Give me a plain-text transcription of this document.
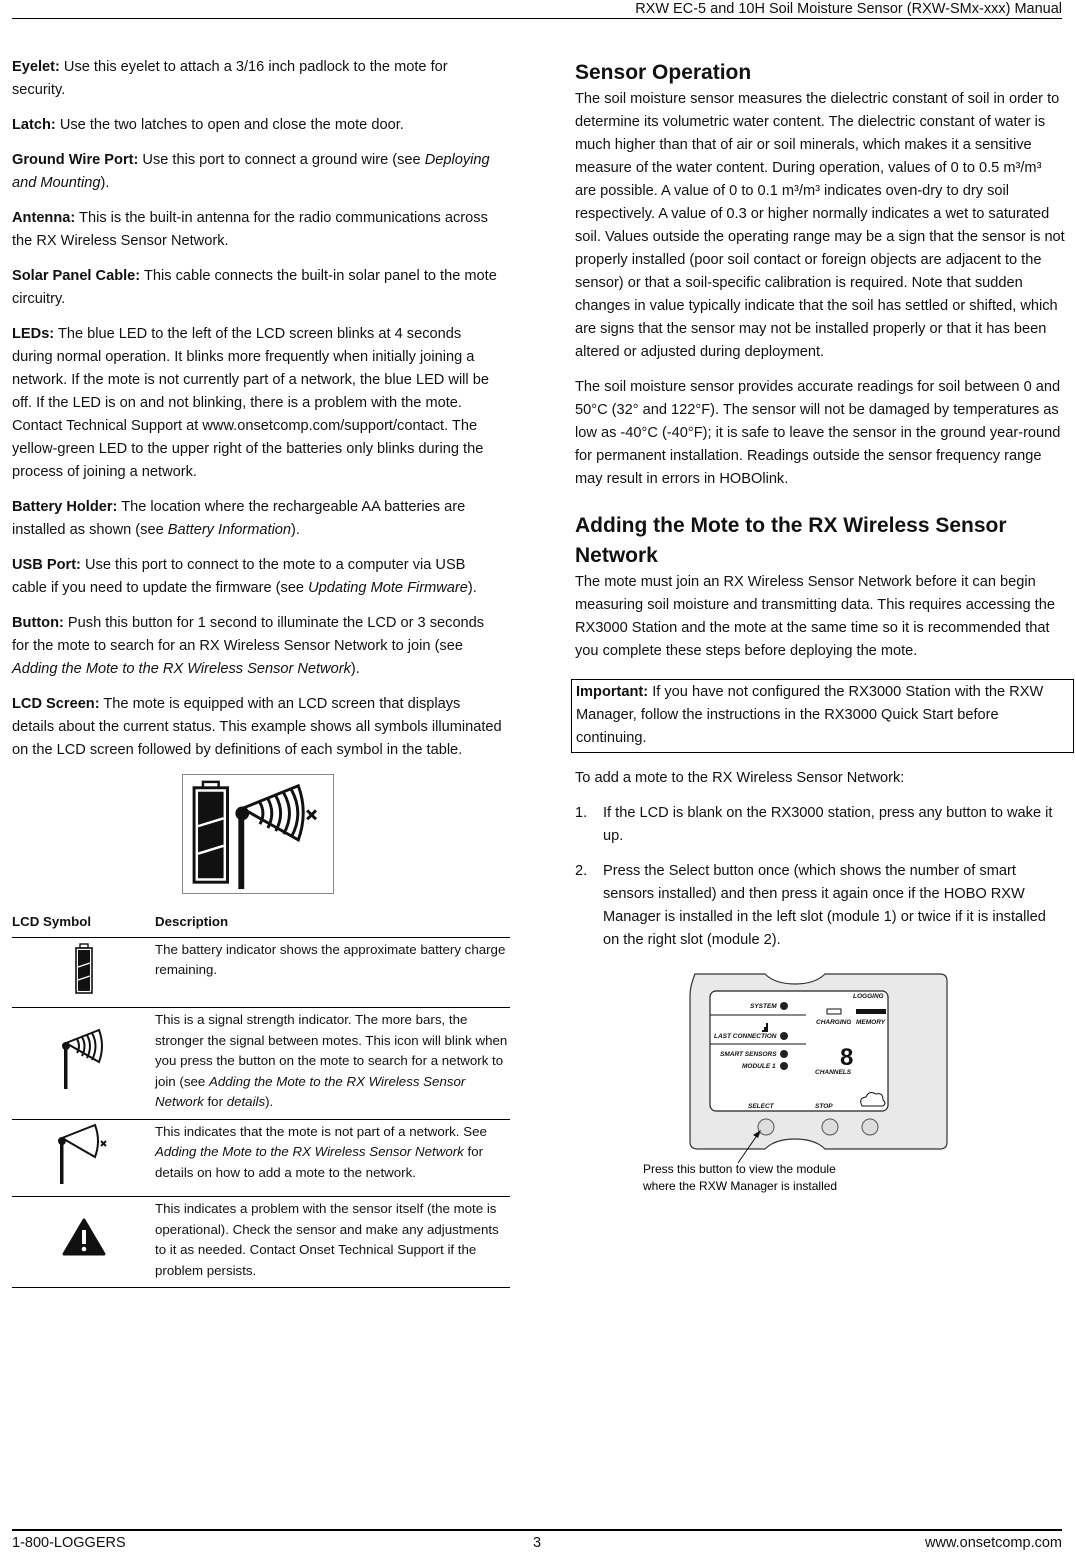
RXW EC-5 and 10H Soil Moisture Sensor (RXW-SMx-xxx) Manual

Eyelet: Use this eyelet to attach a 3/16 inch padlock to the mote for security.

Latch: Use the two latches to open and close the mote door.

Ground Wire Port: Use this port to connect a ground wire (see Deploying and Mounting).

Antenna: This is the built-in antenna for the radio communications across the RX Wireless Sensor Network.

Solar Panel Cable: This cable connects the built-in solar panel to the mote circuitry.

LEDs: The blue LED to the left of the LCD screen blinks at 4 seconds during normal operation. It blinks more frequently when initially joining a network. If the mote is not currently part of a network, the blue LED will be off. If the LED is on and not blinking, there is a problem with the mote. Contact Technical Support at www.onsetcomp.com/support/contact. The yellow-green LED to the upper right of the batteries only blinks during the process of joining a network.

Battery Holder: The location where the rechargeable AA batteries are installed as shown (see Battery Information).

USB Port: Use this port to connect to the mote to a computer via USB cable if you need to update the firmware (see Updating Mote Firmware).

Button: Push this button for 1 second to illuminate the LCD or 3 seconds for the mote to search for an RX Wireless Sensor Network to join (see Adding the Mote to the RX Wireless Sensor Network).

LCD Screen: The mote is equipped with an LCD screen that displays details about the current status. This example shows all symbols illuminated on the LCD screen followed by definitions of each symbol in the table.

LCD Symbol	Description
	The battery indicator shows the approximate battery charge remaining.
	This is a signal strength indicator. The more bars, the stronger the signal between motes. This icon will blink when you press the button on the mote to search for a network to join (see Adding the Mote to the RX Wireless Sensor Network for details).
	This indicates that the mote is not part of a network. See Adding the Mote to the RX Wireless Sensor Network for details on how to add a mote to the network.
	This indicates a problem with the sensor itself (the mote is operational). Check the sensor and make any adjustments to it as needed. Contact Onset Technical Support if the problem persists.
Sensor Operation

The soil moisture sensor measures the dielectric constant of soil in order to determine its volumetric water content. The dielectric constant of water is much higher than that of air or soil minerals, which makes it a sensitive measure of the water content. During operation, values of 0 to 0.5 m³/m³ are possible. A value of 0 to 0.1 m³/m³ indicates oven-dry to dry soil respectively. A value of 0.3 or higher normally indicates a wet to saturated soil. Values outside the operating range may be a sign that the sensor is not properly installed (poor soil contact or foreign objects are adjacent to the sensor) or that a soil-specific calibration is required. Note that sudden changes in value typically indicate that the soil has settled or shifted, which are signs that the sensor may not be installed properly or that it has been altered or adjusted during deployment.

The soil moisture sensor provides accurate readings for soil between 0 and 50°C (32° and 122°F). The sensor will not be damaged by temperatures as low as -40°C (-40°F); it is safe to leave the sensor in the ground year-round for permanent installation. Readings outside the sensor frequency range may result in errors in HOBOlink.

Adding the Mote to the RX Wireless Sensor Network

The mote must join an RX Wireless Sensor Network before it can begin measuring soil moisture and transmitting data. This requires accessing the RX3000 Station and the mote at the same time so it is recommended that you complete these steps before deploying the mote.

Important: If you have not configured the RX3000 Station with the RXW Manager, follow the instructions in the RX3000 Quick Start before continuing.

To add a mote to the RX Wireless Sensor Network:

1.	If the LCD is blank on the RX3000 station, press any button to wake it up.
2.	Press the Select button once (which shows the number of smart sensors installed) and then press it again once if the HOBO RXW Manager is installed in the left slot (module 1) or twice if it is installed on the right slot (module 2).
SYSTEM
LOGGING
CHARGING MEMORY
LAST CONNECTION
SMART SENSORS
MODULE 1	8
CHANNELS
SELECT	STOP
Press this button to view the module
where the RXW Manager is installed
1-800-LOGGERS	3	www.onsetcomp.com
